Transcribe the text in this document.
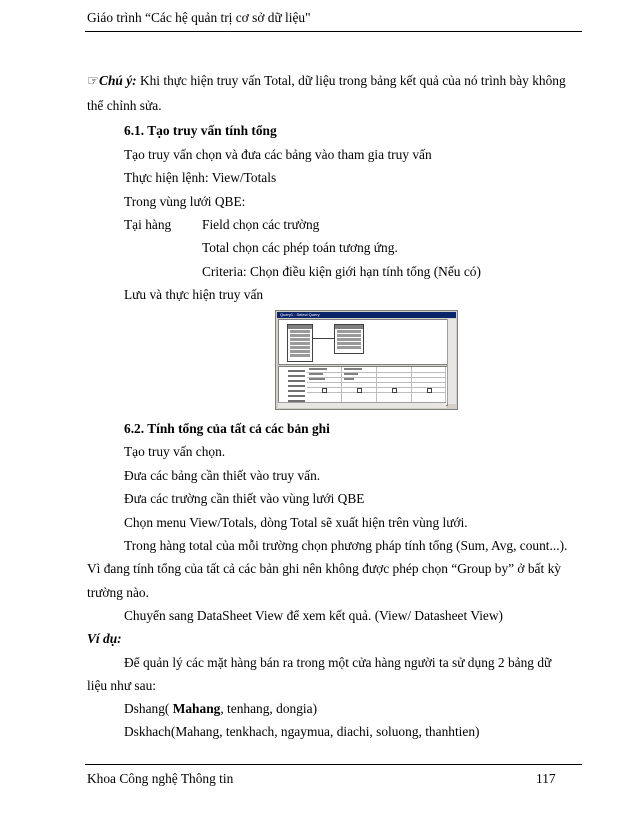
Giáo trình “Các hệ quản trị cơ sở dữ liệu"
☞Chú ý: Khi thực hiện truy vấn Total, dữ liệu trong bảng kết quả của nó trình bày không
thể chỉnh sửa.
6.1. Tạo truy vấn tính tổng
Tạo truy vấn chọn và đưa các bảng vào tham gia truy vấn
Thực hiện lệnh: View/Totals
Trong vùng lưới QBE:
Tại hàng Field chọn các trường
Total chọn các phép toán tương ứng.
Criteria: Chọn điều kiện giới hạn tính tổng (Nếu có)
Lưu và thực hiện truy vấn
Query1 : Select Query
6.2. Tính tổng của tất cả các bản ghi
Tạo truy vấn chọn.
Đưa các bảng cần thiết vào truy vấn.
Đưa các trường cần thiết vào vùng lưới QBE
Chọn menu View/Totals, dòng Total sẽ xuất hiện trên vùng lưới.
Trong hàng total của mỗi trường chọn phương pháp tính tổng (Sum, Avg, count...).
Vì đang tính tổng của tất cả các bản ghi nên không được phép chọn “Group by” ở bất kỳ
trường nào.
Chuyển sang DataSheet View để xem kết quả. (View/ Datasheet View)
Ví dụ:
Để quản lý các mặt hàng bán ra trong một cửa hàng người ta sử dụng 2 bảng dữ
liệu như sau:
Dshang( Mahang, tenhang, dongia)
Dskhach(Mahang, tenkhach, ngaymua, diachi, soluong, thanhtien)
Khoa Công nghệ Thông tin	117
